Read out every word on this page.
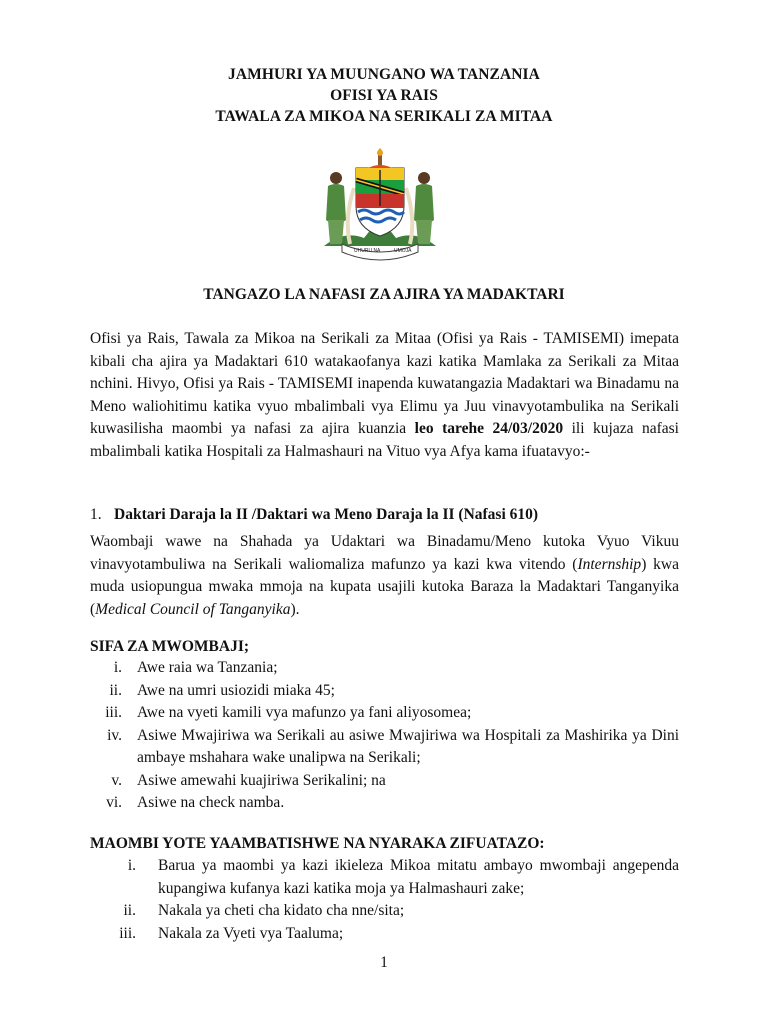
JAMHURI YA MUUNGANO WA TANZANIA
OFISI YA RAIS
TAWALA ZA MIKOA NA SERIKALI ZA MITAA
UHURU NA	UMOJA
TANGAZO LA NAFASI ZA AJIRA YA MADAKTARI
Ofisi ya Rais, Tawala za Mikoa na Serikali za Mitaa (Ofisi ya Rais - TAMISEMI) imepata kibali cha ajira ya Madaktari 610 watakaofanya kazi katika Mamlaka za Serikali za Mitaa nchini. Hivyo, Ofisi ya Rais - TAMISEMI inapenda kuwatangazia Madaktari wa Binadamu na Meno waliohitimu katika vyuo mbalimbali vya Elimu ya Juu vinavyotambulika na Serikali kuwasilisha maombi ya nafasi za ajira kuanzia leo tarehe 24/03/2020 ili kujaza nafasi mbalimbali katika Hospitali za Halmashauri na Vituo vya Afya kama ifuatavyo:-
1. Daktari Daraja la II /Daktari wa Meno Daraja la II (Nafasi 610)
Waombaji wawe na Shahada ya Udaktari wa Binadamu/Meno kutoka Vyuo Vikuu vinavyotambuliwa na Serikali waliomaliza mafunzo ya kazi kwa vitendo (Internship) kwa muda usiopungua mwaka mmoja na kupata usajili kutoka Baraza la Madaktari Tanganyika (Medical Council of Tanganyika).
SIFA ZA MWOMBAJI;
i. Awe raia wa Tanzania;
ii. Awe na umri usiozidi miaka 45;
iii. Awe na vyeti kamili vya mafunzo ya fani aliyosomea;
iv. Asiwe Mwajiriwa wa Serikali au asiwe Mwajiriwa wa Hospitali za Mashirika ya Dini ambaye mshahara wake unalipwa na Serikali;
v. Asiwe amewahi kuajiriwa Serikalini; na
vi. Asiwe na check namba.
MAOMBI YOTE YAAMBATISHWE NA NYARAKA ZIFUATAZO:
i. Barua ya maombi ya kazi ikieleza Mikoa mitatu ambayo mwombaji angependa kupangiwa kufanya kazi katika moja ya Halmashauri zake;
ii. Nakala ya cheti cha kidato cha nne/sita;
iii. Nakala za Vyeti vya Taaluma;
1
